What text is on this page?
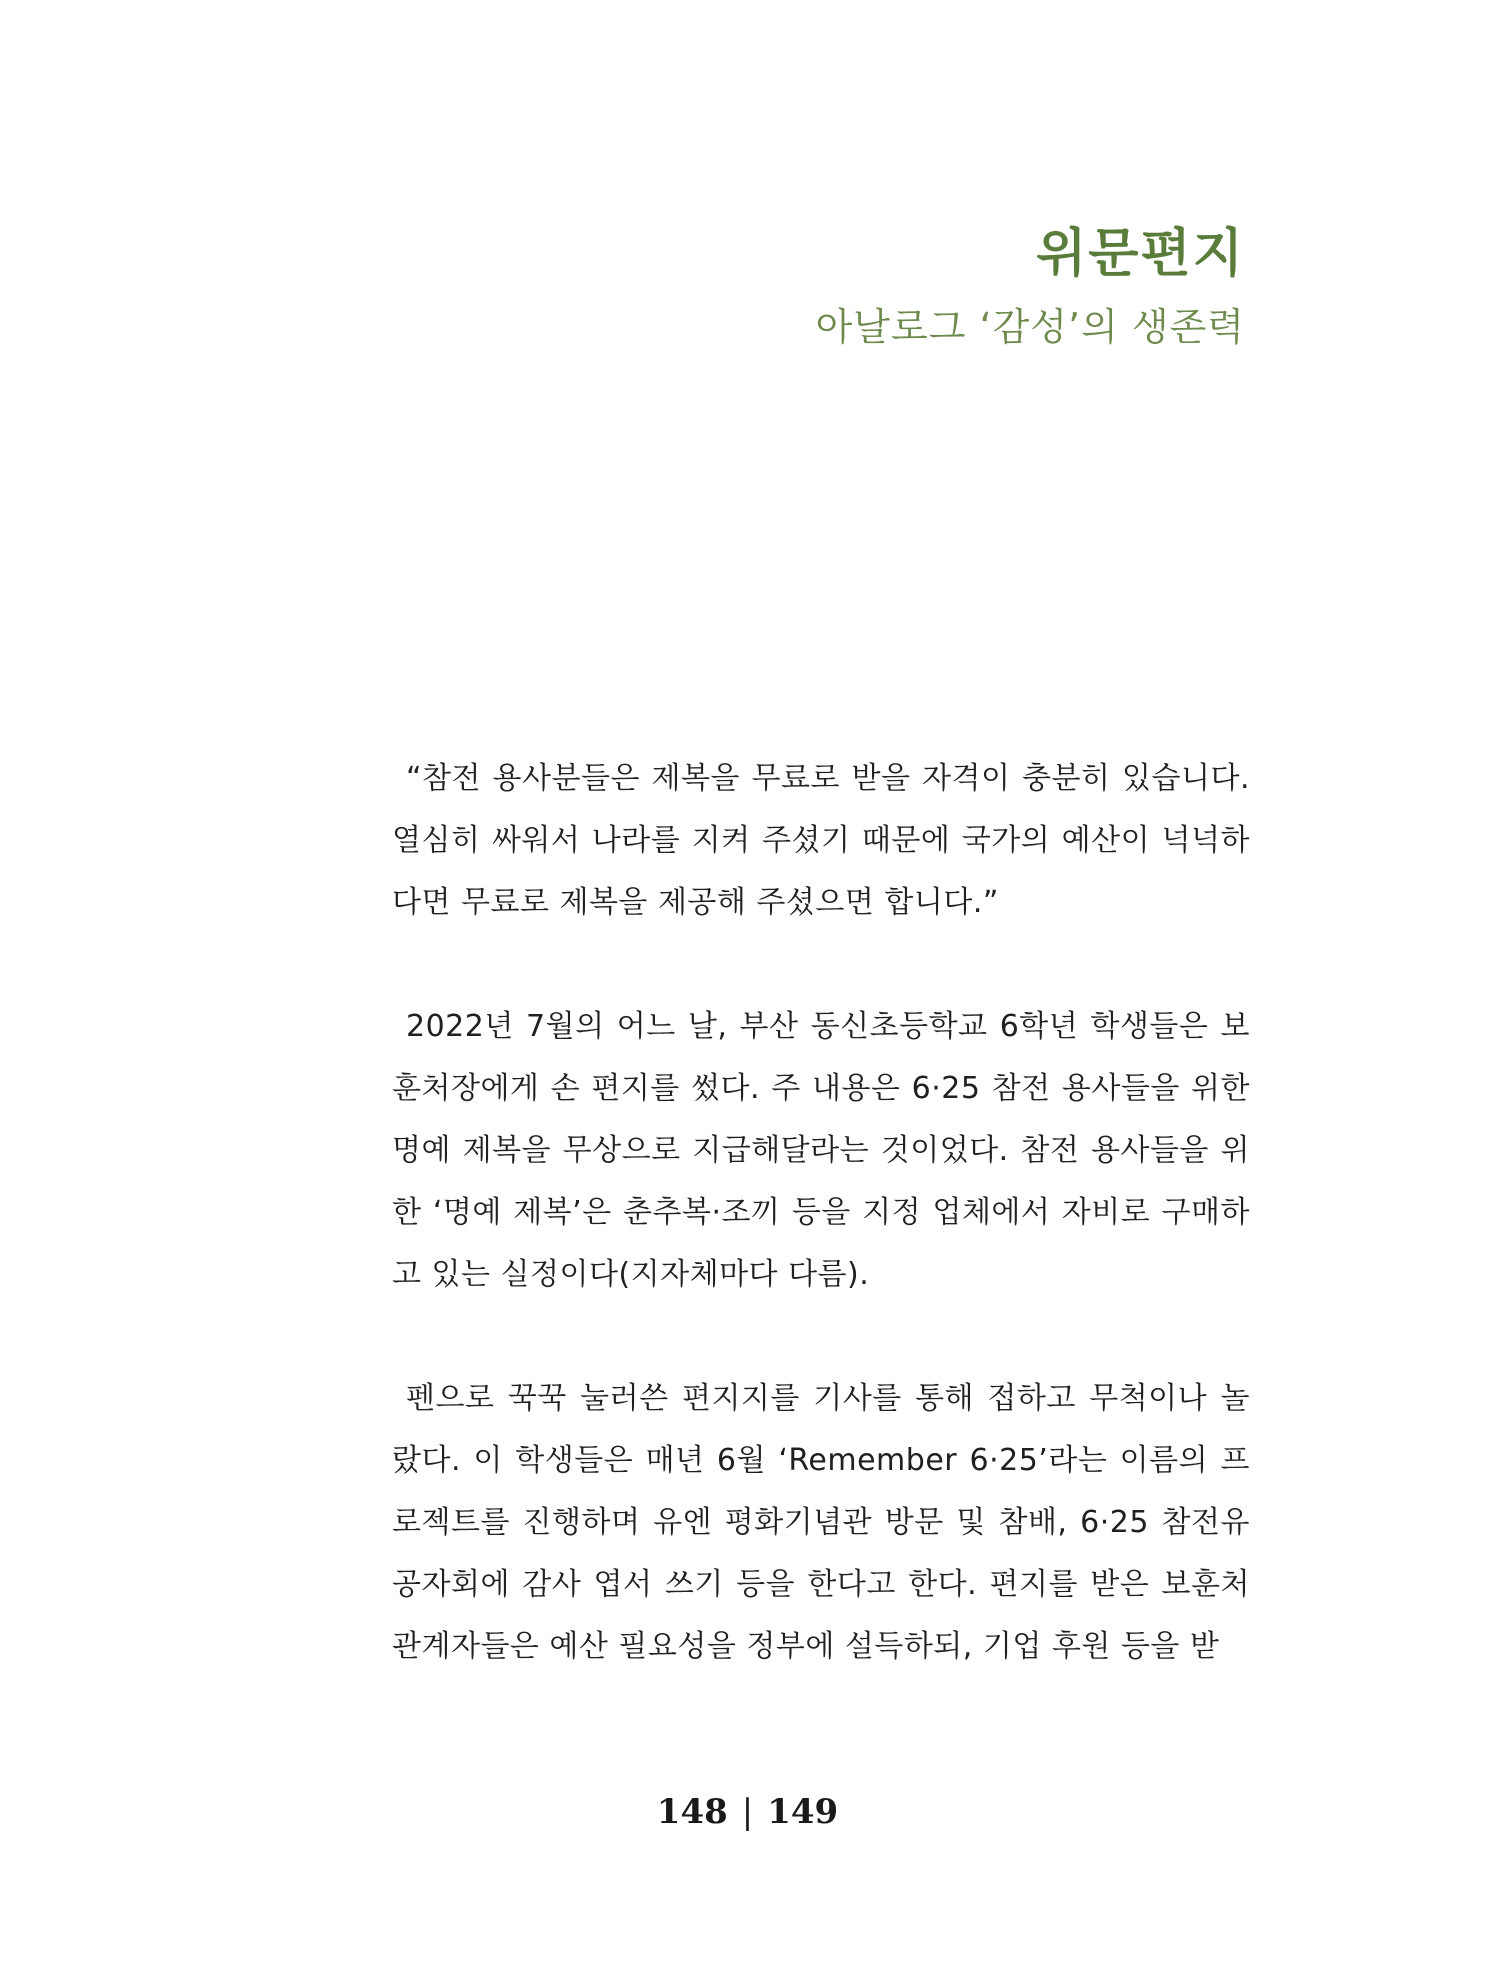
위문편지
아날로그 ‘감성’의 생존력

“참전 용사분들은 제복을 무료로 받을 자격이 충분히 있습니다. 열심히 싸워서 나라를 지켜 주셨기 때문에 국가의 예산이 넉넉하다면 무료로 제복을 제공해 주셨으면 합니다.”

2022년 7월의 어느 날, 부산 동신초등학교 6학년 학생들은 보훈처장에게 손 편지를 썼다. 주 내용은 6·25 참전 용사들을 위한 명예 제복을 무상으로 지급해달라는 것이었다. 참전 용사들을 위한 ‘명예 제복’은 춘추복·조끼 등을 지정 업체에서 자비로 구매하고 있는 실정이다(지자체마다 다름).

펜으로 꾹꾹 눌러쓴 편지지를 기사를 통해 접하고 무척이나 놀랐다. 이 학생들은 매년 6월 ‘Remember 6·25’라는 이름의 프로젝트를 진행하며 유엔 평화기념관 방문 및 참배, 6·25 참전유공자회에 감사 엽서 쓰기 등을 한다고 한다. 편지를 받은 보훈처 관계자들은 예산 필요성을 정부에 설득하되, 기업 후원 등을 받

148 | 149
